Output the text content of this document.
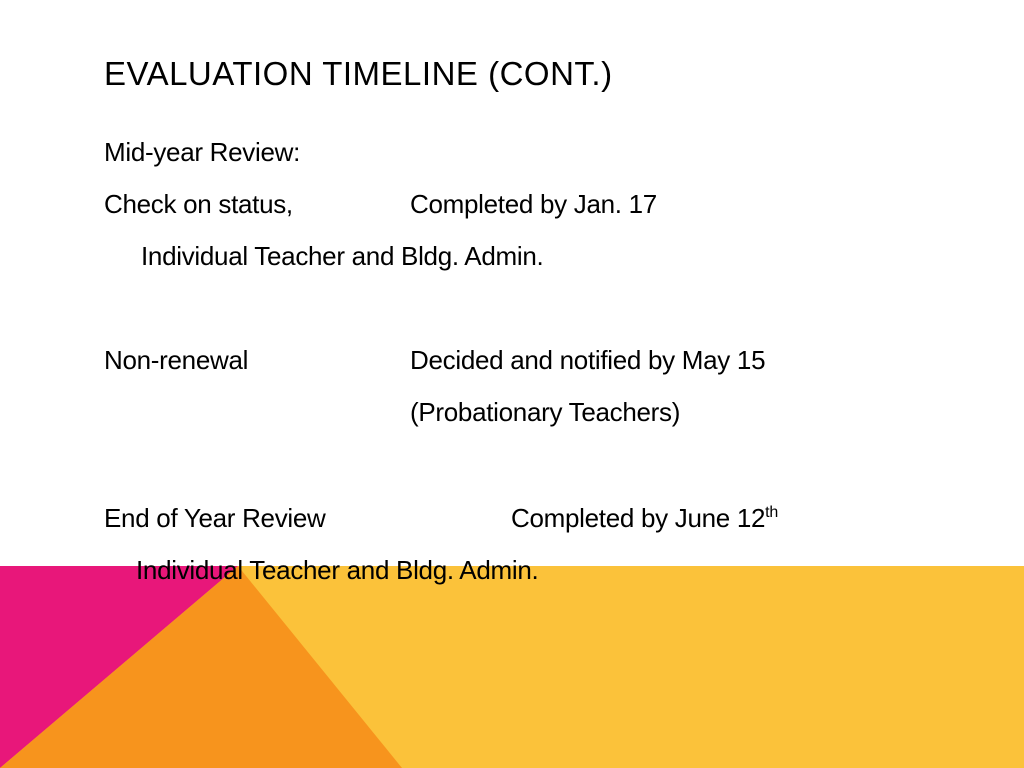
EVALUATION TIMELINE (CONT.)
Mid-year Review:
Check on status,	Completed by Jan. 17
Individual Teacher and Bldg. Admin.
Non-renewal	Decided and notified by May 15
(Probationary Teachers)
End of Year Review	Completed by June 12th
Individual Teacher and Bldg. Admin.
